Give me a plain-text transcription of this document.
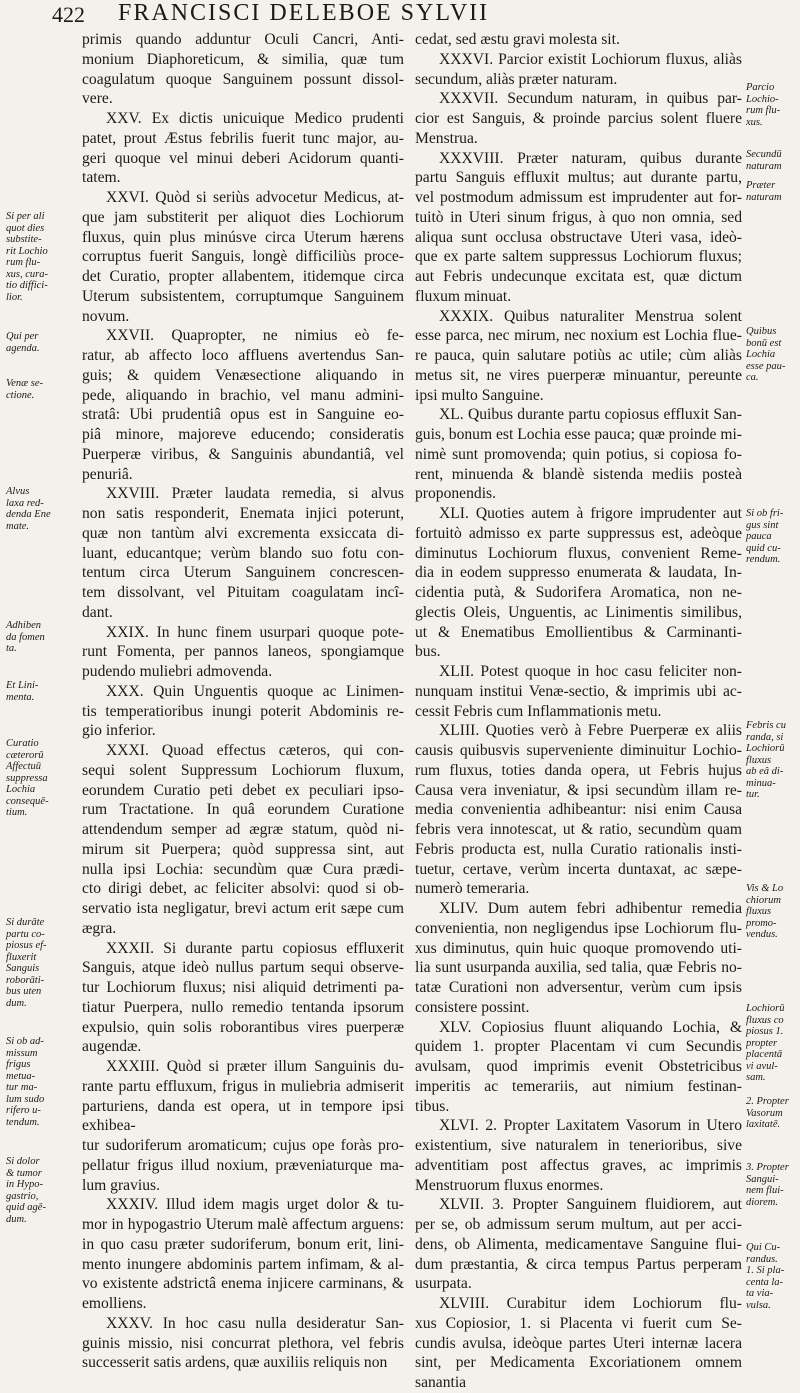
422 FRANCISCI DELEBOE SYLVII

primis quando adduntur Oculi Cancri, Anti-

monium Diaphoreticum, & similia, quæ tum

coagulatum quoque Sanguinem possunt dissol-

vere.

XXV. Ex dictis unicuique Medico prudenti

patet, prout Æstus febrilis fuerit tunc major, au-

geri quoque vel minui deberi Acidorum quanti-

tatem.

XXVI. Quòd si seriùs advocetur Medicus, at-

que jam substiterit per aliquot dies Lochiorum

fluxus, quin plus minúsve circa Uterum hærens

corruptus fuerit Sanguis, longè difficiliùs proce-

det Curatio, propter allabentem, itidemque circa

Uterum subsistentem, corruptumque Sanguinem

novum.

XXVII. Quapropter, ne nimius eò fe-

ratur, ab affecto loco affluens avertendus San-

guis; & quidem Venæsectione aliquando in

pede, aliquando in brachio, vel manu admini-

stratâ: Ubi prudentiâ opus est in Sanguine eo-

piâ minore, majoreve educendo; consideratis

Puerperæ viribus, & Sanguinis abundantiâ, vel

penuriâ.

XXVIII. Præter laudata remedia, si alvus

non satis responderit, Enemata injici poterunt,

quæ non tantùm alvi excrementa exsiccata di-

luant, educantque; verùm blando suo fotu con-

tentum circa Uterum Sanguinem concrescen-

tem dissolvant, vel Pituitam coagulatam incî-

dant.

XXIX. In hunc finem usurpari quoque pote-

runt Fomenta, per pannos laneos, spongiamque

pudendo muliebri admovenda.

XXX. Quin Unguentis quoque ac Linimen-

tis temperatioribus inungi poterit Abdominis re-

gio inferior.

XXXI. Quoad effectus cæteros, qui con-

sequi solent Suppressum Lochiorum fluxum,

eorundem Curatio peti debet ex peculiari ipso-

rum Tractatione. In quâ eorundem Curatione

attendendum semper ad ægræ statum, quòd ni-

mirum sit Puerpera; quòd suppressa sint, aut

nulla ipsi Lochia: secundùm quæ Cura prædi-

cto dirigi debet, ac feliciter absolvi: quod si ob-

servatio ista negligatur, brevi actum erit sæpe cum

ægra.

XXXII. Si durante partu copiosus effluxerit

Sanguis, atque ideò nullus partum sequi observe-

tur Lochiorum fluxus; nisi aliquid detrimenti pa-

tiatur Puerpera, nullo remedio tentanda ipsorum

expulsio, quin solis roborantibus vires puerperæ

augendæ.

XXXIII. Quòd si præter illum Sanguinis du-

rante partu effluxum, frigus in muliebria admiserit

parturiens, danda est opera, ut in tempore ipsi exhibea-

tur sudoriferum aromaticum; cujus ope foràs pro-

pellatur frigus illud noxium, præveniaturque ma-

lum gravius.

XXXIV. Illud idem magis urget dolor & tu-

mor in hypogastrio Uterum malè affectum arguens:

in quo casu præter sudoriferum, bonum erit, lini-

mento inungere abdominis partem infimam, & al-

vo existente adstrictâ enema injicere carminans, &

emolliens.

XXXV. In hoc casu nulla desideratur San-

guinis missio, nisi concurrat plethora, vel febris

successerit satis ardens, quæ auxiliis reliquis non

cedat, sed æstu gravi molesta sit.

XXXVI. Parcior existit Lochiorum fluxus, aliàs

secundum, aliàs præter naturam.

XXXVII. Secundum naturam, in quibus par-

cior est Sanguis, & proinde parcius solent fluere

Menstrua.

XXXVIII. Præter naturam, quibus durante

partu Sanguis effluxit multus; aut durante partu,

vel postmodum admissum est imprudenter aut for-

tuitò in Uteri sinum frigus, à quo non omnia, sed

aliqua sunt occlusa obstructave Uteri vasa, ideò-

que ex parte saltem suppressus Lochiorum fluxus;

aut Febris undecunque excitata est, quæ dictum

fluxum minuat.

XXXIX. Quibus naturaliter Menstrua solent

esse parca, nec mirum, nec noxium est Lochia flue-

re pauca, quin salutare potiùs ac utile; cùm aliàs

metus sit, ne vires puerperæ minuantur, pereunte

ipsi multo Sanguine.

XL. Quibus durante partu copiosus effluxit San-

guis, bonum est Lochia esse pauca; quæ proinde mi-

nimè sunt promovenda; quin potius, si copiosa fo-

rent, minuenda & blandè sistenda mediis posteà

proponendis.

XLI. Quoties autem à frigore imprudenter aut

fortuitò admisso ex parte suppressus est, adeòque

diminutus Lochiorum fluxus, convenient Reme-

dia in eodem suppresso enumerata & laudata, In-

cidentia putà, & Sudorifera Aromatica, non ne-

glectis Oleis, Unguentis, ac Linimentis similibus,

ut & Enematibus Emollientibus & Carminanti-

bus.

XLII. Potest quoque in hoc casu feliciter non-

nunquam institui Venæ-sectio, & imprimis ubi ac-

cessit Febris cum Inflammationis metu.

XLIII. Quoties verò à Febre Puerperæ ex aliis

causis quibusvis superveniente diminuitur Lochio-

rum fluxus, toties danda opera, ut Febris hujus

Causa vera inveniatur, & ipsi secundùm illam re-

media convenientia adhibeantur: nisi enim Causa

febris vera innotescat, ut & ratio, secundùm quam

Febris producta est, nulla Curatio rationalis insti-

tuetur, certave, verùm incerta duntaxat, ac sæpe-

numerò temeraria.

XLIV. Dum autem febri adhibentur remedia

convenientia, non negligendus ipse Lochiorum flu-

xus diminutus, quin huic quoque promovendo uti-

lia sunt usurpanda auxilia, sed talia, quæ Febris no-

tatæ Curationi non adversentur, verùm cum ipsis

consistere possint.

XLV. Copiosius fluunt aliquando Lochia, &

quidem 1. propter Placentam vi cum Secundis

avulsam, quod imprimis evenit Obstetricibus

imperitis ac temerariis, aut nimium festinan-

tibus.

XLVI. 2. Propter Laxitatem Vasorum in Utero

existentium, sive naturalem in tenerioribus, sive

adventitiam post affectus graves, ac imprimis

Menstruorum fluxus enormes.

XLVII. 3. Propter Sanguinem fluidiorem, aut

per se, ob admissum serum multum, aut per acci-

dens, ob Alimenta, medicamentave Sanguine flui-

dum præstantia, & circa tempus Partus perperam

usurpata.

XLVIII. Curabitur idem Lochiorum flu-

xus Copiosior, 1. si Placenta vi fuerit cum Se-

cundis avulsa, ideòque partes Uteri internæ lacera

sint, per Medicamenta Excoriationem omnem

sanantia

Si per ali
quot dies
substite-
rit Lochio
rum flu-
xus, cura-
tio diffici-
lior.
Qui per
agenda.
Venæ se-
ctione.
Alvus
laxa red-
denda Ene
mate.
Adhiben
da fomen
ta.
Et Lini-
menta.
Curatio
cæterorū
Affectuū
suppressa
Lochia
consequē-
tium.
Si durāte
partu co-
piosus ef-
fluxerit
Sanguis
roborāti-
bus uten
dum.
Si ob ad-
missum
frigus
metua-
tur ma-
lum sudo
rifero u-
tendum.
Si dolor
& tumor
in Hypo-
gastrio,
quid agē-
dum.
Parcio
Lochio-
rum flu-
xus.
Secundū
naturam
Præter
naturam
Quibus
bonū est
Lochia
esse pau-
ca.
Si ob fri-
gus sint
pauca
quid cu-
rendum.
Febris cu
randa, si
Lochiorū
fluxus
ab eâ di-
minua-
tur.
Vis & Lo
chiorum
fluxus
promo-
vendus.
Lochiorū
fluxus co
piosus 1.
propter
placentā
vi avul-
sam.
2. Propter
Vasorum
laxitatē.
3. Propter
Sangui-
nem flui-
diorem.
Qui Cu-
randus.
1. Si pla-
centa la-
ta via-
vulsa.
